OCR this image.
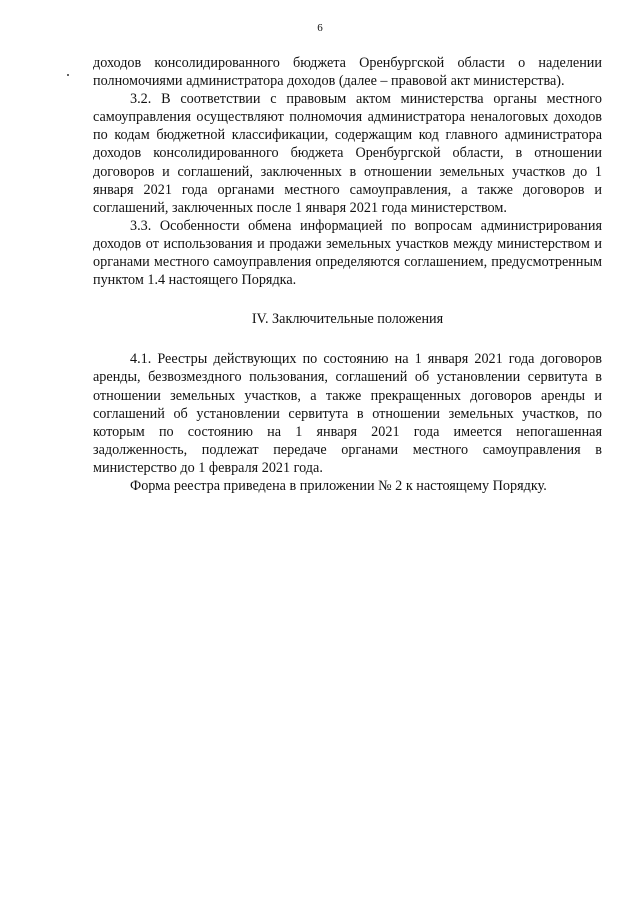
6

доходов консолидированного бюджета Оренбургской области о наделении полномочиями администратора доходов (далее – правовой акт министерства).

3.2. В соответствии с правовым актом министерства органы местного самоуправления осуществляют полномочия администратора неналоговых доходов по кодам бюджетной классификации, содержащим код главного администратора доходов консолидированного бюджета Оренбургской области, в отношении договоров и соглашений, заключенных в отношении земельных участков до 1 января 2021 года органами местного самоуправления, а также договоров и соглашений, заключенных после 1 января 2021 года министерством.

3.3. Особенности обмена информацией по вопросам администрирования доходов от использования и продажи земельных участков между министерством и органами местного самоуправления определяются соглашением, предусмотренным пунктом 1.4 настоящего Порядка.

IV. Заключительные положения

4.1. Реестры действующих по состоянию на 1 января 2021 года договоров аренды, безвозмездного пользования, соглашений об установлении сервитута в отношении земельных участков, а также прекращенных договоров аренды и соглашений об установлении сервитута в отношении земельных участков, по которым по состоянию на 1 января 2021 года имеется непогашенная задолженность, подлежат передаче органами местного самоуправления в министерство до 1 февраля 2021 года.

Форма реестра приведена в приложении № 2 к настоящему Порядку.
